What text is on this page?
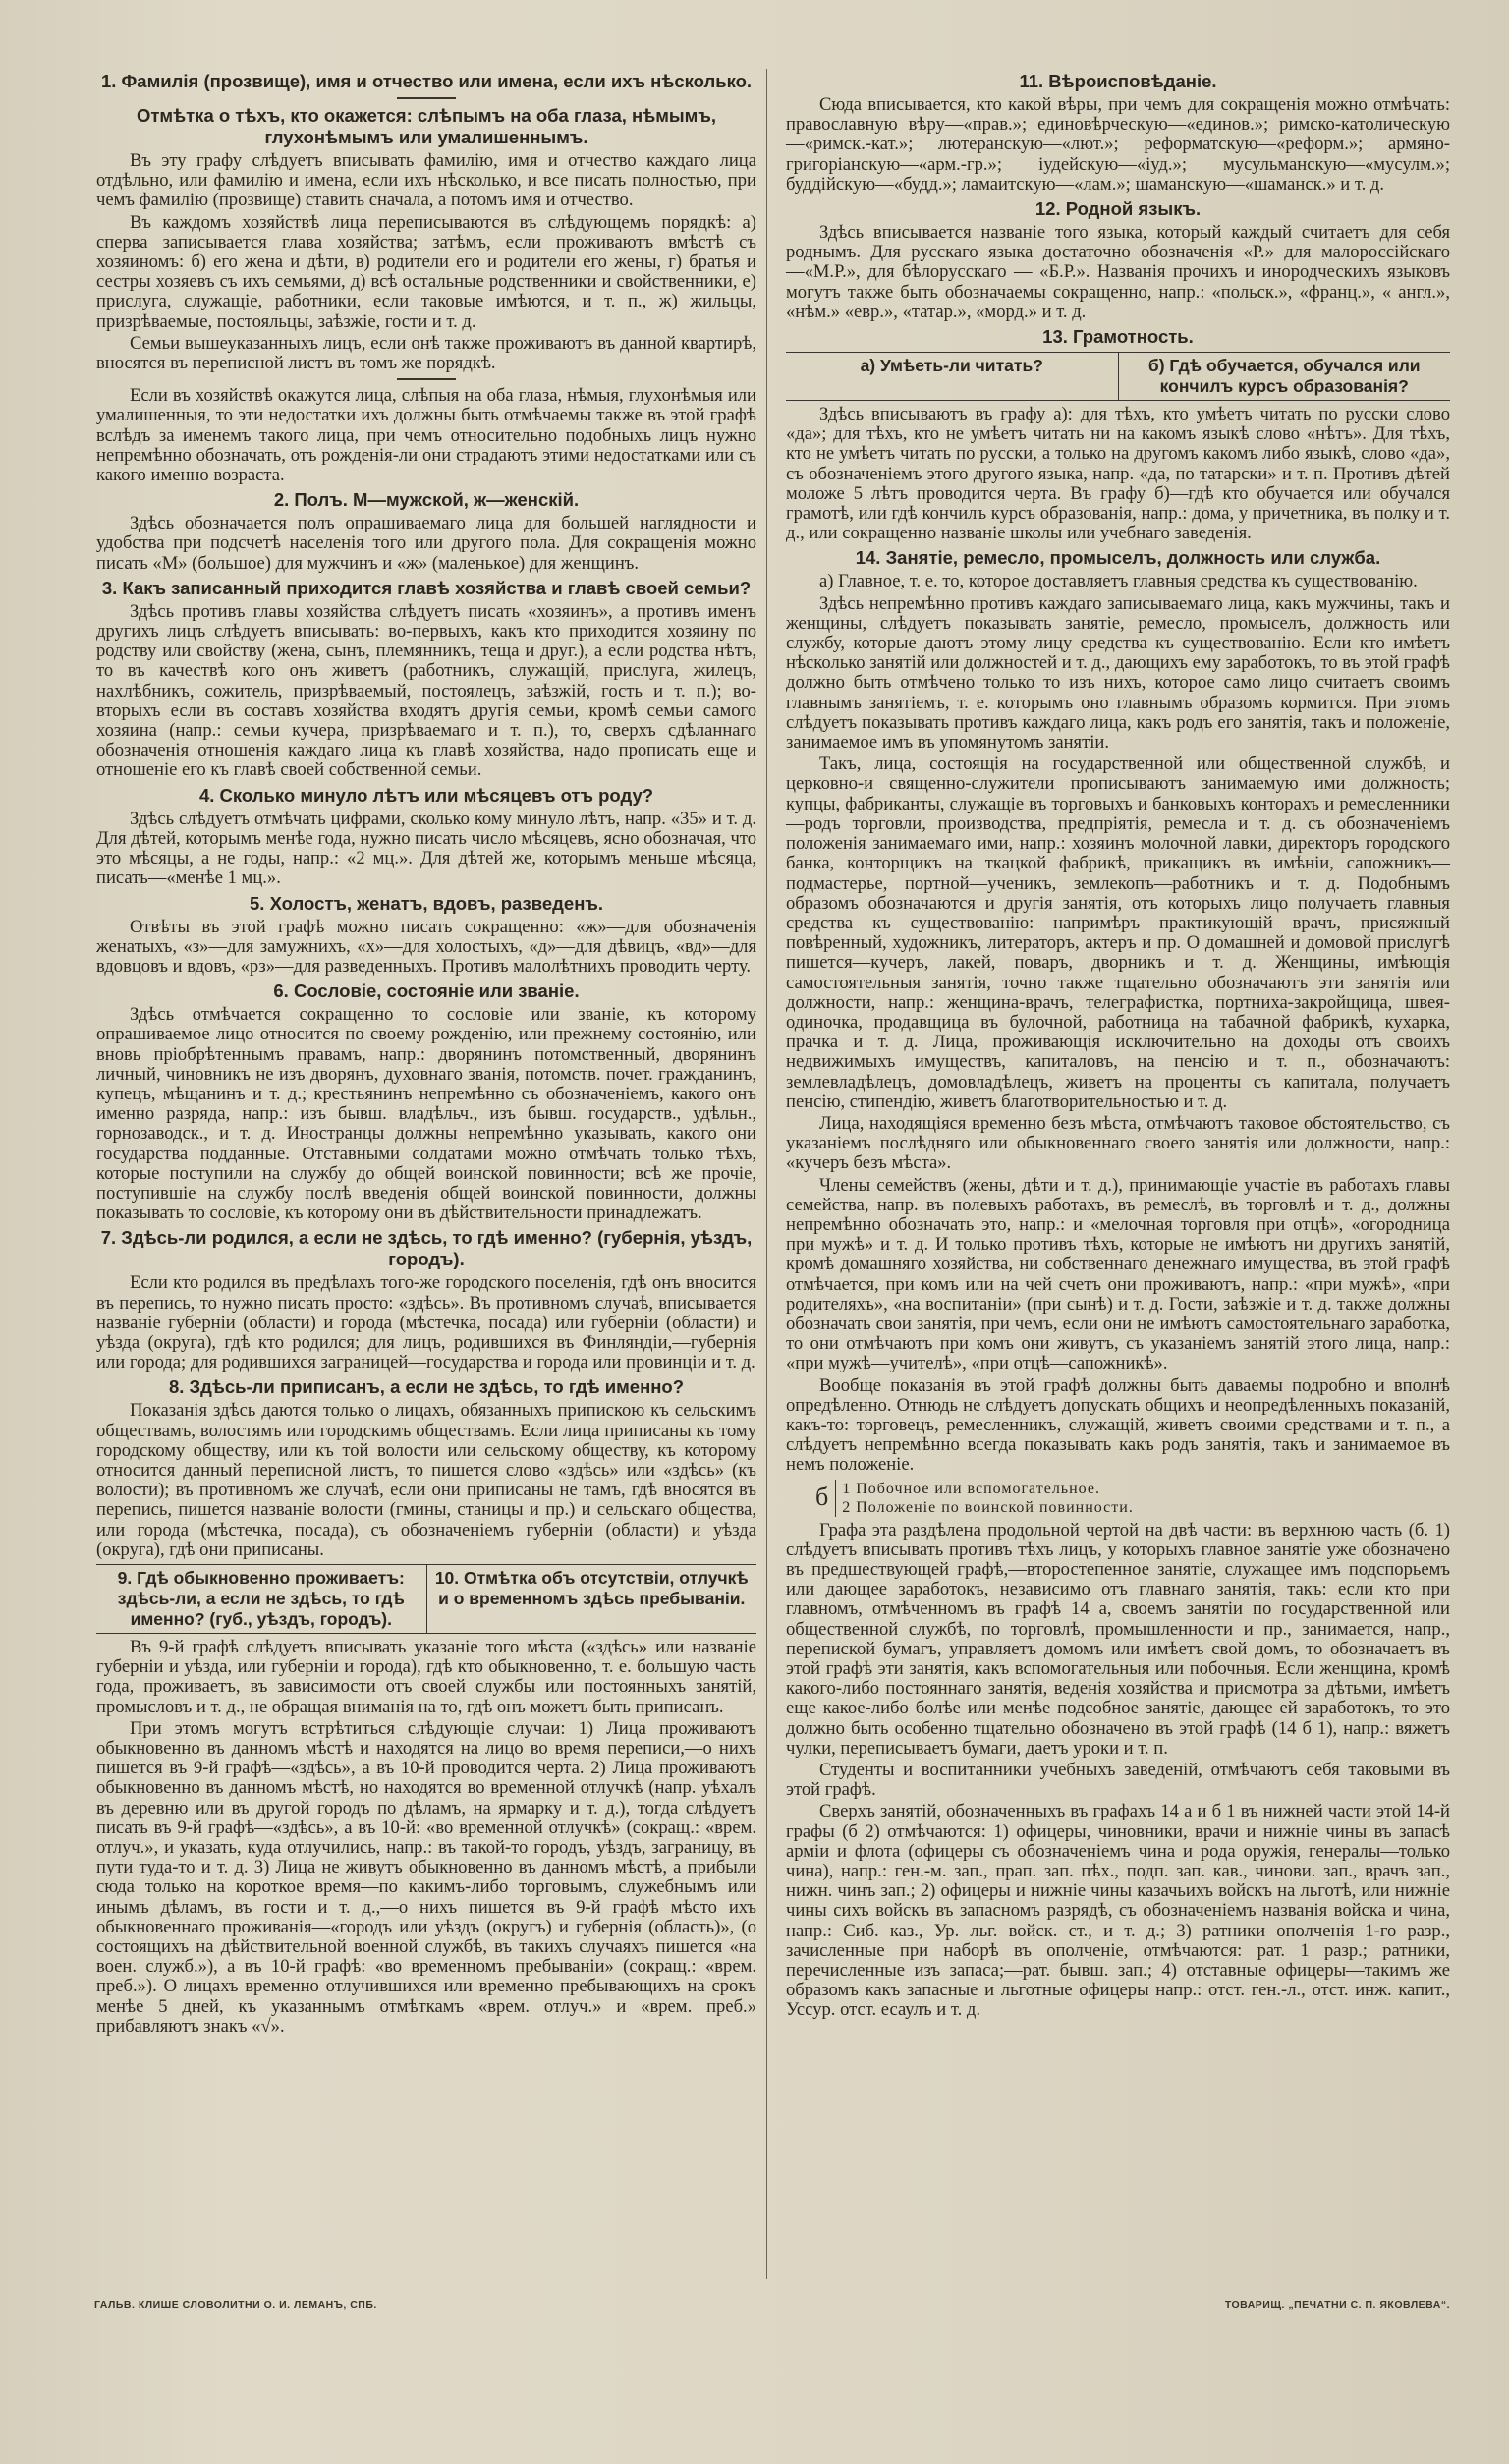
1. Фамилія (прозвище), имя и отчество или имена, если ихъ нѣсколько.
Отмѣтка о тѣхъ, кто окажется: слѣпымъ на оба глаза, нѣмымъ, глухонѣмымъ или умалишеннымъ.

Въ эту графу слѣдуетъ вписывать фамилію, имя и отчество каждаго лица отдѣльно, или фамилію и имена, если ихъ нѣсколько, и все писать полностью, при чемъ фамилію (прозвище) ставить сначала, а потомъ имя и отчество.

Въ каждомъ хозяйствѣ лица переписываются въ слѣдующемъ порядкѣ: а) сперва записывается глава хозяйства; затѣмъ, если проживаютъ вмѣстѣ съ хозяиномъ: б) его жена и дѣти, в) родители его и родители его жены, г) братья и сестры хозяевъ съ ихъ семьями, д) всѣ остальные родственники и свойственники, е) прислуга, служащіе, работники, если таковые имѣются, и т. п., ж) жильцы, призрѣваемые, постояльцы, заѣзжіе, гости и т. д.

Семьи вышеуказанныхъ лицъ, если онѣ также проживаютъ въ данной квартирѣ, вносятся въ переписной листъ въ томъ же порядкѣ.

Если въ хозяйствѣ окажутся лица, слѣпыя на оба глаза, нѣмыя, глухонѣмыя или умалишенныя, то эти недостатки ихъ должны быть отмѣчаемы также въ этой графѣ вслѣдъ за именемъ такого лица, при чемъ относительно подобныхъ лицъ нужно непремѣнно обозначать, отъ рожденія-ли они страдаютъ этими недостатками или съ какого именно возраста.

2. Полъ. М—мужской, ж—женскій.

Здѣсь обозначается полъ опрашиваемаго лица для большей наглядности и удобства при подсчетѣ населенія того или другого пола. Для сокращенія можно писать «М» (большое) для мужчинъ и «ж» (маленькое) для женщинъ.

3. Какъ записанный приходится главѣ хозяйства и главѣ своей семьи?

Здѣсь противъ главы хозяйства слѣдуетъ писать «хозяинъ», а противъ именъ другихъ лицъ слѣдуетъ вписывать: во-первыхъ, какъ кто приходится хозяину по родству или свойству (жена, сынъ, племянникъ, теща и друг.), а если родства нѣтъ, то въ качествѣ кого онъ живетъ (работникъ, служащій, прислуга, жилецъ, нахлѣбникъ, сожитель, призрѣваемый, постоялецъ, заѣзжій, гость и т. п.); во-вторыхъ если въ составъ хозяйства входятъ другія семьи, кромѣ семьи самого хозяина (напр.: семьи кучера, призрѣваемаго и т. п.), то, сверхъ сдѣланнаго обозначенія отношенія каждаго лица къ главѣ хозяйства, надо прописать еще и отношеніе его къ главѣ своей собственной семьи.

4. Сколько минуло лѣтъ или мѣсяцевъ отъ роду?

Здѣсь слѣдуетъ отмѣчать цифрами, сколько кому минуло лѣтъ, напр. «35» и т. д. Для дѣтей, которымъ менѣе года, нужно писать число мѣсяцевъ, ясно обозначая, что это мѣсяцы, а не годы, напр.: «2 мц.». Для дѣтей же, которымъ меньше мѣсяца, писать—«менѣе 1 мц.».

5. Холостъ, женатъ, вдовъ, разведенъ.

Отвѣты въ этой графѣ можно писать сокращенно: «ж»—для обозначенія женатыхъ, «з»—для замужнихъ, «х»—для холостыхъ, «д»—для дѣвицъ, «вд»—для вдовцовъ и вдовъ, «рз»—для разведенныхъ. Противъ малолѣтнихъ проводить черту.

6. Сословіе, состояніе или званіе.

Здѣсь отмѣчается сокращенно то сословіе или званіе, къ которому опрашиваемое лицо относится по своему рожденію, или прежнему состоянію, или вновь пріобрѣтеннымъ правамъ, напр.: дворянинъ потомственный, дворянинъ личный, чиновникъ не изъ дворянъ, духовнаго званія, потомств. почет. гражданинъ, купецъ, мѣщанинъ и т. д.; крестьянинъ непремѣнно съ обозначеніемъ, какого онъ именно разряда, напр.: изъ бывш. владѣльч., изъ бывш. государств., удѣльн., горнозаводск., и т. д. Иностранцы должны непремѣнно указывать, какого они государства подданные. Отставными солдатами можно отмѣчать только тѣхъ, которые поступили на службу до общей воинской повинности; всѣ же прочіе, поступившіе на службу послѣ введенія общей воинской повинности, должны показывать то сословіе, къ которому они въ дѣйствительности принадлежатъ.

7. Здѣсь-ли родился, а если не здѣсь, то гдѣ именно? (губернія, уѣздъ, городъ).

Если кто родился въ предѣлахъ того-же городского поселенія, гдѣ онъ вносится въ перепись, то нужно писать просто: «здѣсь». Въ противномъ случаѣ, вписывается названіе губерніи (области) и города (мѣстечка, посада) или губерніи (области) и уѣзда (округа), гдѣ кто родился; для лицъ, родившихся въ Финляндіи,—губернія или города; для родившихся заграницей—государства и города или провинціи и т. д.

8. Здѣсь-ли приписанъ, а если не здѣсь, то гдѣ именно?

Показанія здѣсь даются только о лицахъ, обязанныхъ припискою къ сельскимъ обществамъ, волостямъ или городскимъ обществамъ. Если лица приписаны къ тому городскому обществу, или къ той волости или сельскому обществу, къ которому относится данный переписной листъ, то пишется слово «здѣсь» или «здѣсь» (къ волости); въ противномъ же случаѣ, если они приписаны не тамъ, гдѣ вносятся въ перепись, пишется названіе волости (гмины, станицы и пр.) и сельскаго общества, или города (мѣстечка, посада), съ обозначеніемъ губерніи (области) и уѣзда (округа), гдѣ они приписаны.

9. Гдѣ обыкновенно проживаетъ: здѣсь-ли, а если не здѣсь, то гдѣ именно? (губ., уѣздъ, городъ).
10. Отмѣтка объ отсутствіи, отлучкѣ и о временномъ здѣсь пребываніи.

Въ 9-й графѣ слѣдуетъ вписывать указаніе того мѣста («здѣсь» или названіе губерніи и уѣзда, или губерніи и города), гдѣ кто обыкновенно, т. е. большую часть года, проживаетъ, въ зависимости отъ своей службы или постоянныхъ занятій, промысловъ и т. д., не обращая вниманія на то, гдѣ онъ можетъ быть приписанъ.

При этомъ могутъ встрѣтиться слѣдующіе случаи: 1) Лица проживаютъ обыкновенно въ данномъ мѣстѣ и находятся на лицо во время переписи,—о нихъ пишется въ 9-й графѣ—«здѣсь», а въ 10-й проводится черта. 2) Лица проживаютъ обыкновенно въ данномъ мѣстѣ, но находятся во временной отлучкѣ (напр. уѣхалъ въ деревню или въ другой городъ по дѣламъ, на ярмарку и т. д.), тогда слѣдуетъ писать въ 9-й графѣ—«здѣсь», а въ 10-й: «во временной отлучкѣ» (сокращ.: «врем. отлуч.», и указать, куда отлучились, напр.: въ такой-то городъ, уѣздъ, заграницу, въ пути туда-то и т. д. 3) Лица не живутъ обыкновенно въ данномъ мѣстѣ, а прибыли сюда только на короткое время—по какимъ-либо торговымъ, служебнымъ или инымъ дѣламъ, въ гости и т. д.,—о нихъ пишется въ 9-й графѣ мѣсто ихъ обыкновеннаго проживанія—«городъ или уѣздъ (округъ) и губернія (область)», (о состоящихъ на дѣйствительной военной службѣ, въ такихъ случаяхъ пишется «на воен. служб.»), а въ 10-й графѣ: «во временномъ пребываніи» (сокращ.: «врем. преб.»). О лицахъ временно отлучившихся или временно пребывающихъ на срокъ менѣе 5 дней, къ указаннымъ отмѣткамъ «врем. отлуч.» и «врем. преб.» прибавляютъ знакъ «√».

11. Вѣроисповѣданіе.

Сюда вписывается, кто какой вѣры, при чемъ для сокращенія можно отмѣчать: православную вѣру—«прав.»; единовѣрческую—«единов.»; римско-католическую—«римск.-кат.»; лютеранскую—«лют.»; реформатскую—«реформ.»; армяно-григоріанскую—«арм.-гр.»; іудейскую—«іуд.»; мусульманскую—«мусулм.»; буддійскую—«будд.»; ламаитскую—«лам.»; шаманскую—«шаманск.» и т. д.

12. Родной языкъ.

Здѣсь вписывается названіе того языка, который каждый считаетъ для себя роднымъ. Для русскаго языка достаточно обозначенія «Р.» для малороссійскаго—«М.Р.», для бѣлорусскаго — «Б.Р.». Названія прочихъ и инородческихъ языковъ могутъ также быть обозначаемы сокращенно, напр.: «польск.», «франц.», « англ.», «нѣм.» «евр.», «татар.», «морд.» и т. д.

13. Грамотность.
а) Умѣеть-ли читать?	б) Гдѣ обучается, обучался или кончилъ курсъ образованія?

Здѣсь вписываютъ въ графу а): для тѣхъ, кто умѣетъ читать по русски слово «да»; для тѣхъ, кто не умѣетъ читать ни на какомъ языкѣ слово «нѣтъ». Для тѣхъ, кто не умѣетъ читать по русски, а только на другомъ какомъ либо языкѣ, слово «да», съ обозначеніемъ этого другого языка, напр. «да, по татарски» и т. п. Противъ дѣтей моложе 5 лѣтъ проводится черта. Въ графу б)—гдѣ кто обучается или обучался грамотѣ, или гдѣ кончилъ курсъ образованія, напр.: дома, у причетника, въ полку и т. д., или сокращенно названіе школы или учебнаго заведенія.

14. Занятіе, ремесло, промыселъ, должность или служба.

а) Главное, т. е. то, которое доставляетъ главныя средства къ существованію.

Здѣсь непремѣнно противъ каждаго записываемаго лица, какъ мужчины, такъ и женщины, слѣдуетъ показывать занятіе, ремесло, промыселъ, должность или службу, которые даютъ этому лицу средства къ существованію. Если кто имѣетъ нѣсколько занятій или должностей и т. д., дающихъ ему заработокъ, то въ этой графѣ должно быть отмѣчено только то изъ нихъ, которое само лицо считаетъ своимъ главнымъ занятіемъ, т. е. которымъ оно главнымъ образомъ кормится. При этомъ слѣдуетъ показывать противъ каждаго лица, какъ родъ его занятія, такъ и положеніе, занимаемое имъ въ упомянутомъ занятіи.

Такъ, лица, состоящія на государственной или общественной службѣ, и церковно-и священно-служители прописываютъ занимаемую ими должность; купцы, фабриканты, служащіе въ торговыхъ и банковыхъ конторахъ и ремесленники—родъ торговли, производства, предпріятія, ремесла и т. д. съ обозначеніемъ положенія занимаемаго ими, напр.: хозяинъ молочной лавки, директоръ городского банка, конторщикъ на ткацкой фабрикѣ, прикащикъ въ имѣніи, сапожникъ—подмастерье, портной—ученикъ, землекопъ—работникъ и т. д. Подобнымъ образомъ обозначаются и другія занятія, отъ которыхъ лицо получаетъ главныя средства къ существованію: напримѣръ практикующій врачъ, присяжный повѣренный, художникъ, литераторъ, актеръ и пр. О домашней и домовой прислугѣ пишется—кучеръ, лакей, поваръ, дворникъ и т. д. Женщины, имѣющія самостоятельныя занятія, точно также тщательно обозначаютъ эти занятія или должности, напр.: женщина-врачъ, телеграфистка, портниха-закройщица, швея-одиночка, продавщица въ булочной, работница на табачной фабрикѣ, кухарка, прачка и т. д. Лица, проживающія исключительно на доходы отъ своихъ недвижимыхъ имуществъ, капиталовъ, на пенсію и т. п., обозначаютъ: землевладѣлецъ, домовладѣлецъ, живетъ на проценты съ капитала, получаетъ пенсію, стипендію, живетъ благотворительностью и т. д.

Лица, находящіяся временно безъ мѣста, отмѣчаютъ таковое обстоятельство, съ указаніемъ послѣдняго или обыкновеннаго своего занятія или должности, напр.: «кучеръ безъ мѣста».

Члены семействъ (жены, дѣти и т. д.), принимающіе участіе въ работахъ главы семейства, напр. въ полевыхъ работахъ, въ ремеслѣ, въ торговлѣ и т. д., должны непремѣнно обозначать это, напр.: и «мелочная торговля при отцѣ», «огородница при мужѣ» и т. д. И только противъ тѣхъ, которые не имѣютъ ни другихъ занятій, кромѣ домашняго хозяйства, ни собственнаго денежнаго имущества, въ этой графѣ отмѣчается, при комъ или на чей счетъ они проживаютъ, напр.: «при мужѣ», «при родителяхъ», «на воспитаніи» (при сынѣ) и т. д. Гости, заѣзжіе и т. д. также должны обозначать свои занятія, при чемъ, если они не имѣютъ самостоятельнаго заработка, то они отмѣчаютъ при комъ они живутъ, съ указаніемъ занятій этого лица, напр.: «при мужѣ—учителѣ», «при отцѣ—сапожникѣ».

Вообще показанія въ этой графѣ должны быть даваемы подробно и вполнѣ опредѣленно. Отнюдь не слѣдуетъ допускать общихъ и неопредѣленныхъ показаній, какъ-то: торговецъ, ремесленникъ, служащій, живетъ своими средствами и т. п., а слѣдуетъ непремѣнно всегда показывать какъ родъ занятія, такъ и занимаемое въ немъ положеніе.

б 1 Побочное или вспомогательное.
2 Положеніе по воинской повинности.

Графа эта раздѣлена продольной чертой на двѣ части: въ верхнюю часть (б. 1) слѣдуетъ вписывать противъ тѣхъ лицъ, у которыхъ главное занятіе уже обозначено въ предшествующей графѣ,—второстепенное занятіе, служащее имъ подспорьемъ или дающее заработокъ, независимо отъ главнаго занятія, такъ: если кто при главномъ, отмѣченномъ въ графѣ 14 а, своемъ занятіи по государственной или общественной службѣ, по торговлѣ, промышленности и пр., занимается, напр., перепиской бумагъ, управляетъ домомъ или имѣетъ свой домъ, то обозначаетъ въ этой графѣ эти занятія, какъ вспомогательныя или побочныя. Если женщина, кромѣ какого-либо постояннаго занятія, веденія хозяйства и присмотра за дѣтьми, имѣетъ еще какое-либо болѣе или менѣе подсобное занятіе, дающее ей заработокъ, то это должно быть особенно тщательно обозначено въ этой графѣ (14 б 1), напр.: вяжетъ чулки, переписываетъ бумаги, даетъ уроки и т. п.

Студенты и воспитанники учебныхъ заведеній, отмѣчаютъ себя таковыми въ этой графѣ.

Сверхъ занятій, обозначенныхъ въ графахъ 14 а и б 1 въ нижней части этой 14-й графы (б 2) отмѣчаются: 1) офицеры, чиновники, врачи и нижніе чины въ запасѣ арміи и флота (офицеры съ обозначеніемъ чина и рода оружія, генералы—только чина), напр.: ген.-м. зап., прап. зап. пѣх., подп. зап. кав., чинови. зап., врачъ зап., нижн. чинъ зап.; 2) офицеры и нижніе чины казачьихъ войскъ на льготѣ, или нижніе чины сихъ войскъ въ запасномъ разрядѣ, съ обозначеніемъ названія войска и чина, напр.: Сиб. каз., Ур. льг. войск. ст., и т. д.; 3) ратники ополченія 1-го разр., зачисленные при наборѣ въ ополченіе, отмѣчаются: рат. 1 разр.; ратники, перечисленные изъ запаса;—рат. бывш. зап.; 4) отставные офицеры—такимъ же образомъ какъ запасные и льготные офицеры напр.: отст. ген.-л., отст. инж. капит., Уссур. отст. есаулъ и т. д.

ГАЛЬВ. КЛИШЕ СЛОВОЛИТНИ О. И. ЛЕМАНЪ, СПБ.	ТОВАРИЩ. „ПЕЧАТНИ С. П. ЯКОВЛЕВА“.
